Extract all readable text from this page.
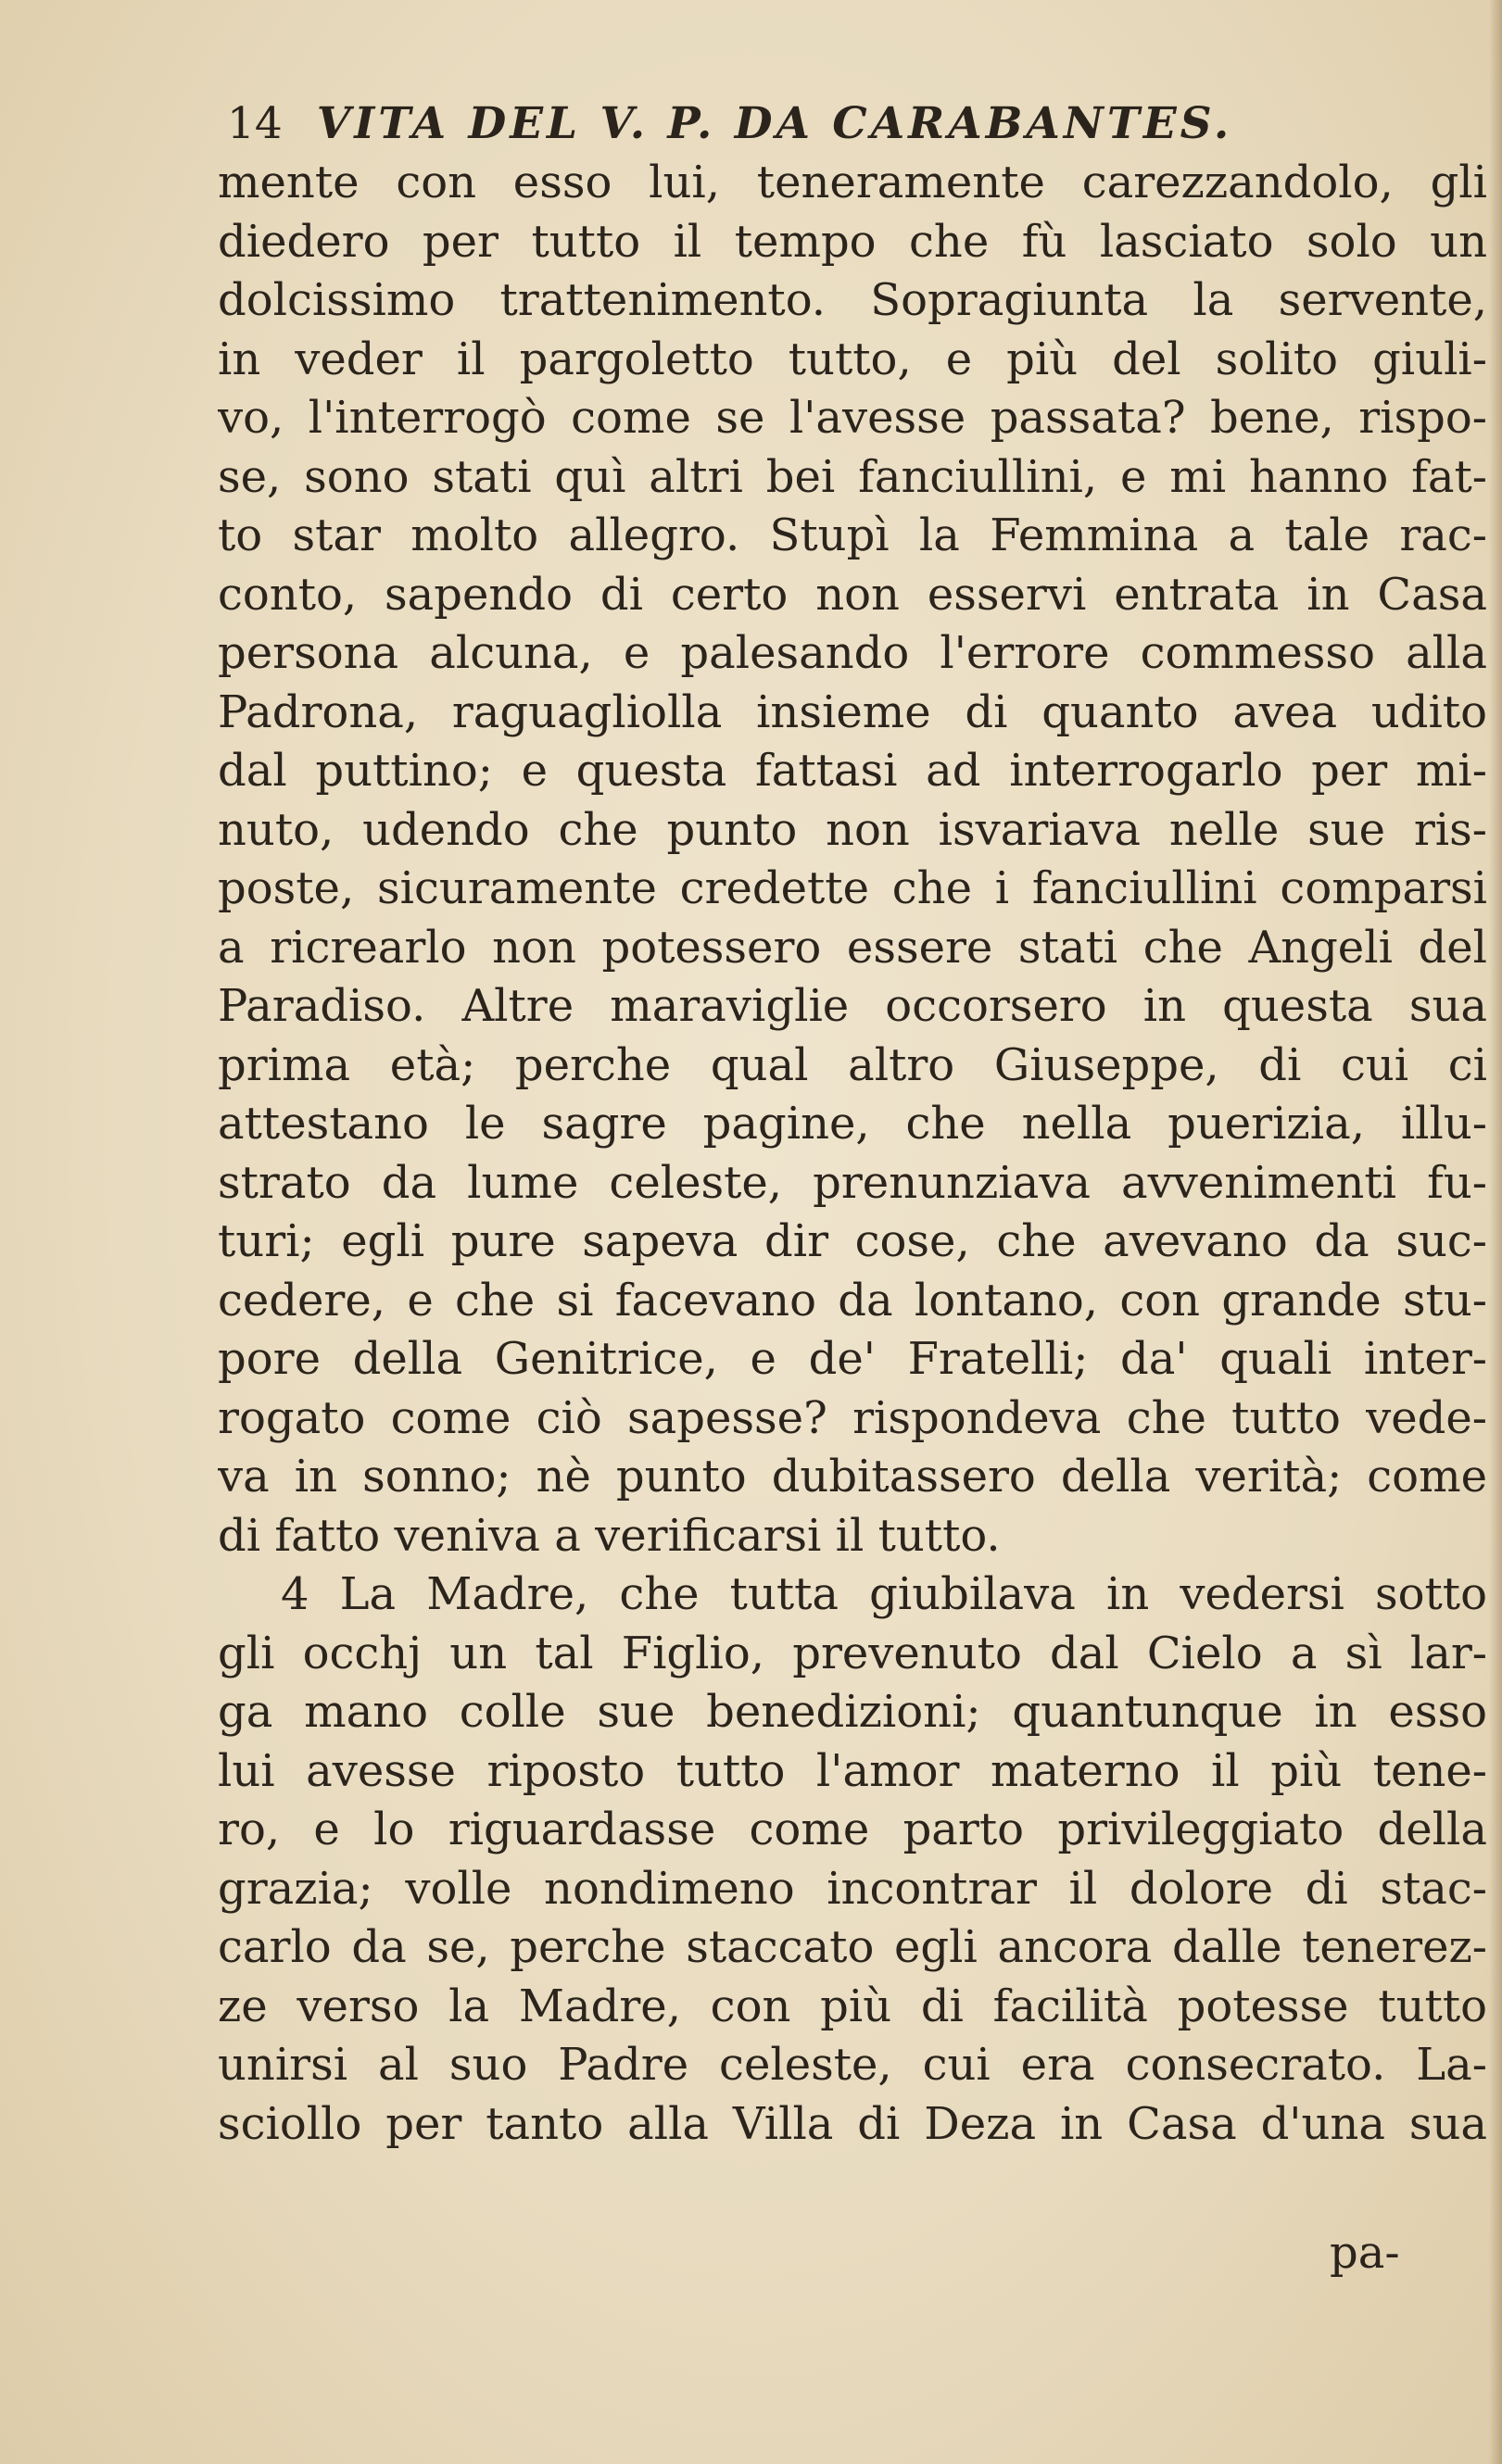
14 VITA DEL V. P. DA CARABANTES.
mente con esso lui, teneramente carezzandolo, gli
diedero per tutto il tempo che fù lasciato solo un
dolcissimo trattenimento. Sopragiunta la servente,
in veder il pargoletto tutto, e più del solito giuli-
vo, l'interrogò come se l'avesse passata? bene, rispo-
se, sono stati quì altri bei fanciullini, e mi hanno fat-
to star molto allegro. Stupì la Femmina a tale rac-
conto, sapendo di certo non esservi entrata in Casa
persona alcuna, e palesando l'errore commesso alla
Padrona, raguagliolla insieme di quanto avea udito
dal puttino; e questa fattasi ad interrogarlo per mi-
nuto, udendo che punto non isvariava nelle sue ris-
poste, sicuramente credette che i fanciullini comparsi
a ricrearlo non potessero essere stati che Angeli del
Paradiso. Altre maraviglie occorsero in questa sua
prima età; perche qual altro Giuseppe, di cui ci
attestano le sagre pagine, che nella puerizia, illu-
strato da lume celeste, prenunziava avvenimenti fu-
turi; egli pure sapeva dir cose, che avevano da suc-
cedere, e che si facevano da lontano, con grande stu-
pore della Genitrice, e de' Fratelli; da' quali inter-
rogato come ciò sapesse? rispondeva che tutto vede-
va in sonno; nè punto dubitassero della verità; come
di fatto veniva a verificarsi il tutto.
4 La Madre, che tutta giubilava in vedersi sotto
gli occhj un tal Figlio, prevenuto dal Cielo a sì lar-
ga mano colle sue benedizioni; quantunque in esso
lui avesse riposto tutto l'amor materno il più tene-
ro, e lo riguardasse come parto privileggiato della
grazia; volle nondimeno incontrar il dolore di stac-
carlo da se, perche staccato egli ancora dalle tenerez-
ze verso la Madre, con più di facilità potesse tutto
unirsi al suo Padre celeste, cui era consecrato. La-
sciollo per tanto alla Villa di Deza in Casa d'una sua
pa-
